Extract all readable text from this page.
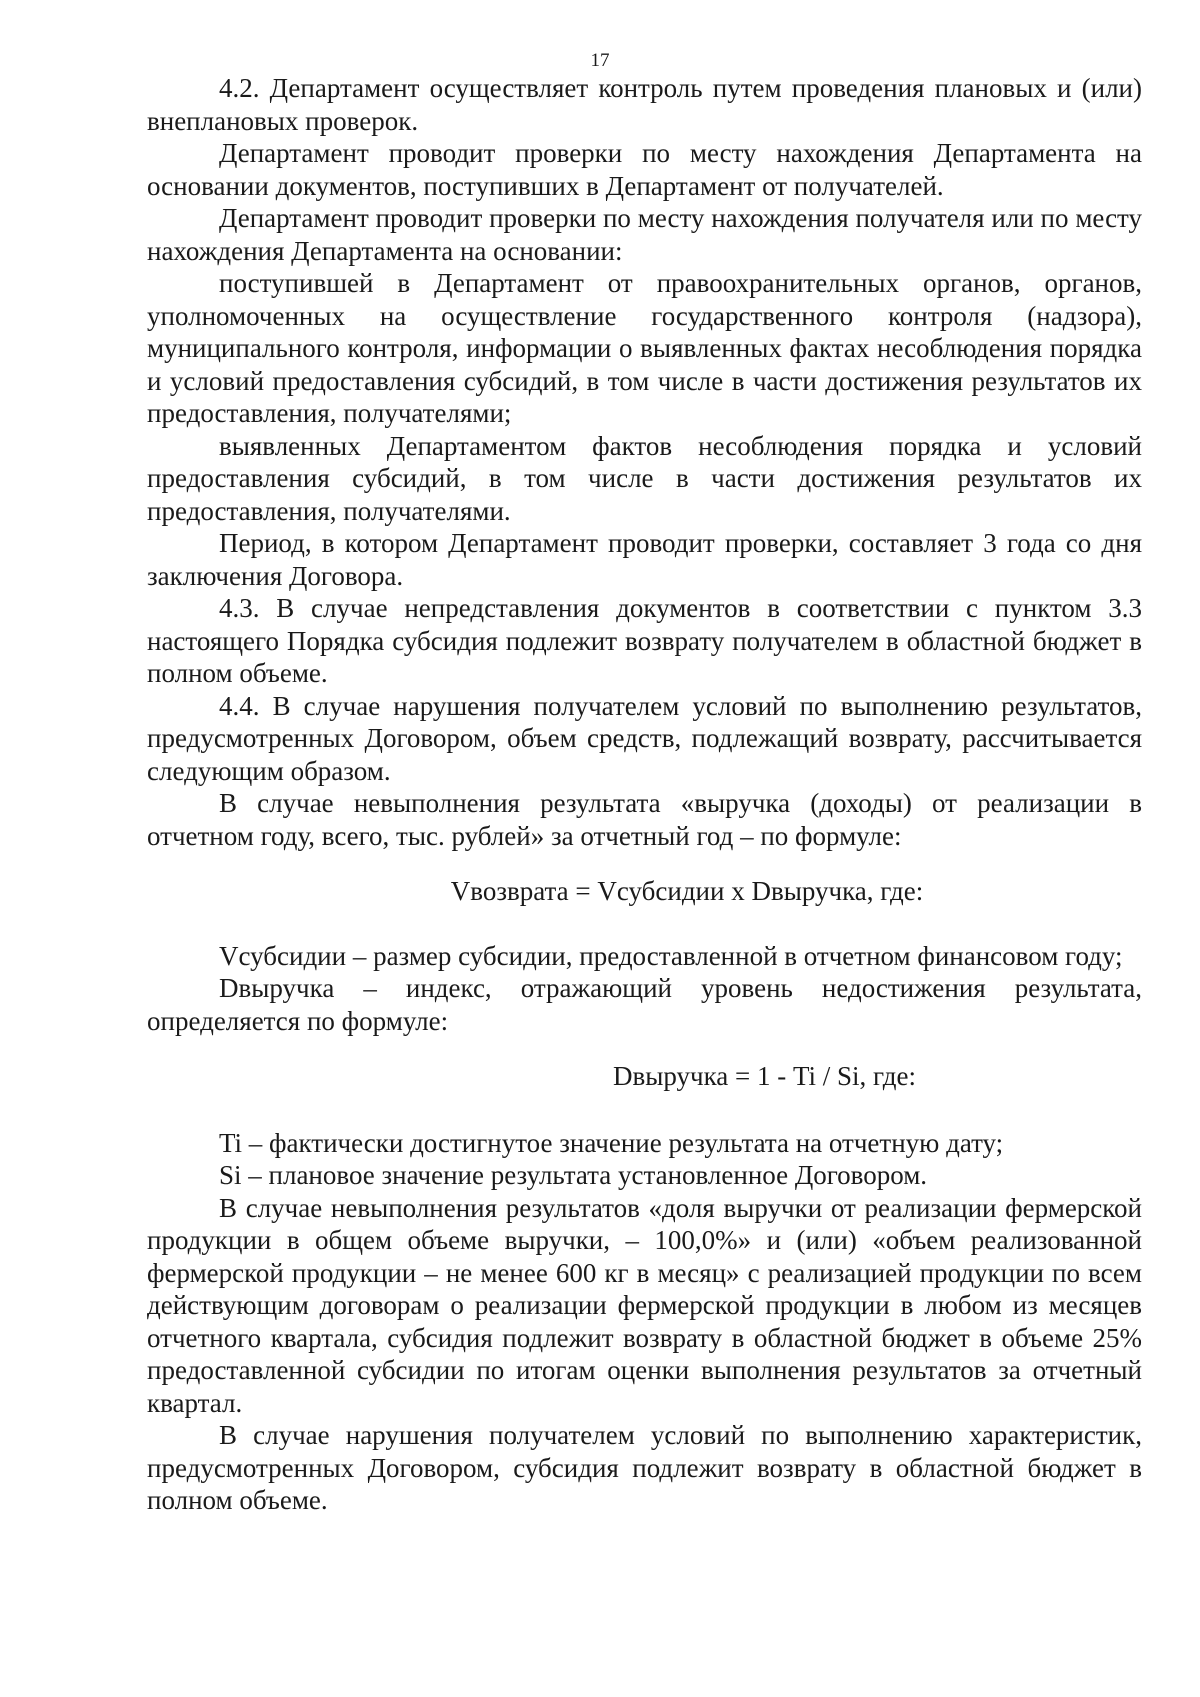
17

4.2. Департамент осуществляет контроль путем проведения плановых и (или) внеплановых проверок.

Департамент проводит проверки по месту нахождения Департамента на основании документов, поступивших в Департамент от получателей.

Департамент проводит проверки по месту нахождения получателя или по месту нахождения Департамента на основании:

поступившей в Департамент от правоохранительных органов, органов, уполномоченных на осуществление государственного контроля (надзора), муниципального контроля, информации о выявленных фактах несоблюдения порядка и условий предоставления субсидий, в том числе в части достижения результатов их предоставления, получателями;

выявленных Департаментом фактов несоблюдения порядка и условий предоставления субсидий, в том числе в части достижения результатов их предоставления, получателями.

Период, в котором Департамент проводит проверки, составляет 3 года со дня заключения Договора.

4.3. В случае непредставления документов в соответствии с пунктом 3.3 настоящего Порядка субсидия подлежит возврату получателем в областной бюджет в полном объеме.

4.4. В случае нарушения получателем условий по выполнению результатов, предусмотренных Договором, объем средств, подлежащий возврату, рассчитывается следующим образом.

В случае невыполнения результата «выручка (доходы) от реализации в отчетном году, всего, тыс. рублей» за отчетный год – по формуле:

Vвозврата = Vсубсидии x Dвыручка, где:

Vсубсидии – размер субсидии, предоставленной в отчетном финансовом году;

Dвыручка – индекс, отражающий уровень недостижения результата, определяется по формуле:

Dвыручка = 1 - Ti / Si, где:

Ti – фактически достигнутое значение результата на отчетную дату;

Si – плановое значение результата установленное Договором.

В случае невыполнения результатов «доля выручки от реализации фермерской продукции в общем объеме выручки, – 100,0%» и (или) «объем реализованной фермерской продукции – не менее 600 кг в месяц» с реализацией продукции по всем действующим договорам о реализации фермерской продукции в любом из месяцев отчетного квартала, субсидия подлежит возврату в областной бюджет в объеме 25% предоставленной субсидии по итогам оценки выполнения результатов за отчетный квартал.

В случае нарушения получателем условий по выполнению характеристик, предусмотренных Договором, субсидия подлежит возврату в областной бюджет в полном объеме.
